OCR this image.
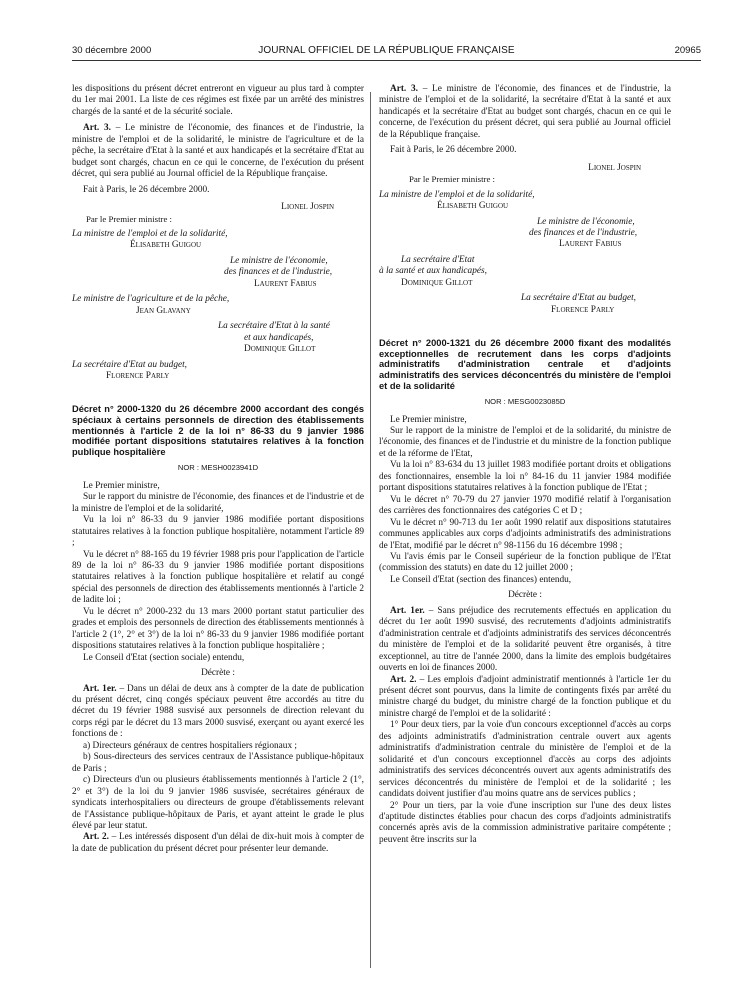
30 décembre 2000	JOURNAL OFFICIEL DE LA RÉPUBLIQUE FRANÇAISE	20965

les dispositions du présent décret entreront en vigueur au plus tard à compter du 1er mai 2001. La liste de ces régimes est fixée par un arrêté des ministres chargés de la santé et de la sécurité sociale.

Art. 3. – Le ministre de l'économie, des finances et de l'industrie, la ministre de l'emploi et de la solidarité, le ministre de l'agriculture et de la pêche, la secrétaire d'Etat à la santé et aux handicapés et la secrétaire d'Etat au budget sont chargés, chacun en ce qui le concerne, de l'exécution du présent décret, qui sera publié au Journal officiel de la République française.

Fait à Paris, le 26 décembre 2000.

Lionel Jospin
Par le Premier ministre :
La ministre de l'emploi et de la solidarité,
Élisabeth Guigou
Le ministre de l'économie,
des finances et de l'industrie,
Laurent Fabius
Le ministre de l'agriculture et de la pêche,
Jean Glavany
La secrétaire d'Etat à la santé
et aux handicapés,
Dominique Gillot
La secrétaire d'Etat au budget,
Florence Parly
Décret n° 2000-1320 du 26 décembre 2000 accordant des congés spéciaux à certains personnels de direction des établissements mentionnés à l'article 2 de la loi n° 86-33 du 9 janvier 1986 modifiée portant dispositions statutaires relatives à la fonction publique hospitalière
NOR : MESH0023941D

Le Premier ministre,

Sur le rapport du ministre de l'économie, des finances et de l'industrie et de la ministre de l'emploi et de la solidarité,

Vu la loi n° 86-33 du 9 janvier 1986 modifiée portant dispositions statutaires relatives à la fonction publique hospitalière, notamment l'article 89 ;

Vu le décret n° 88-165 du 19 février 1988 pris pour l'application de l'article 89 de la loi n° 86-33 du 9 janvier 1986 modifiée portant dispositions statutaires relatives à la fonction publique hospitalière et relatif au congé spécial des personnels de direction des établissements mentionnés à l'article 2 de ladite loi ;

Vu le décret n° 2000-232 du 13 mars 2000 portant statut particulier des grades et emplois des personnels de direction des établissements mentionnés à l'article 2 (1°, 2° et 3°) de la loi n° 86-33 du 9 janvier 1986 modifiée portant dispositions statutaires relatives à la fonction publique hospitalière ;

Le Conseil d'Etat (section sociale) entendu,

Décrète :

Art. 1er. – Dans un délai de deux ans à compter de la date de publication du présent décret, cinq congés spéciaux peuvent être accordés au titre du décret du 19 février 1988 susvisé aux personnels de direction relevant du corps régi par le décret du 13 mars 2000 susvisé, exerçant ou ayant exercé les fonctions de :

a) Directeurs généraux de centres hospitaliers régionaux ;

b) Sous-directeurs des services centraux de l'Assistance publique-hôpitaux de Paris ;

c) Directeurs d'un ou plusieurs établissements mentionnés à l'article 2 (1°, 2° et 3°) de la loi du 9 janvier 1986 susvisée, secrétaires généraux de syndicats interhospitaliers ou directeurs de groupe d'établissements relevant de l'Assistance publique-hôpitaux de Paris, et ayant atteint le grade le plus élevé par leur statut.

Art. 2. – Les intéressés disposent d'un délai de dix-huit mois à compter de la date de publication du présent décret pour présenter leur demande.

Art. 3. – Le ministre de l'économie, des finances et de l'industrie, la ministre de l'emploi et de la solidarité, la secrétaire d'Etat à la santé et aux handicapés et la secrétaire d'Etat au budget sont chargés, chacun en ce qui le concerne, de l'exécution du présent décret, qui sera publié au Journal officiel de la République française.

Fait à Paris, le 26 décembre 2000.

Lionel Jospin
Par le Premier ministre :
La ministre de l'emploi et de la solidarité,
Élisabeth Guigou
Le ministre de l'économie,
des finances et de l'industrie,
Laurent Fabius
La secrétaire d'Etat
à la santé et aux handicapés,
Dominique Gillot
La secrétaire d'Etat au budget,
Florence Parly
Décret n° 2000-1321 du 26 décembre 2000 fixant des modalités exceptionnelles de recrutement dans les corps d'adjoints administratifs d'administration centrale et d'adjoints administratifs des services déconcentrés du ministère de l'emploi et de la solidarité
NOR : MESG0023085D

Le Premier ministre,

Sur le rapport de la ministre de l'emploi et de la solidarité, du ministre de l'économie, des finances et de l'industrie et du ministre de la fonction publique et de la réforme de l'Etat,

Vu la loi n° 83-634 du 13 juillet 1983 modifiée portant droits et obligations des fonctionnaires, ensemble la loi n° 84-16 du 11 janvier 1984 modifiée portant dispositions statutaires relatives à la fonction publique de l'Etat ;

Vu le décret n° 70-79 du 27 janvier 1970 modifié relatif à l'organisation des carrières des fonctionnaires des catégories C et D ;

Vu le décret n° 90-713 du 1er août 1990 relatif aux dispositions statutaires communes applicables aux corps d'adjoints administratifs des administrations de l'Etat, modifié par le décret n° 98-1156 du 16 décembre 1998 ;

Vu l'avis émis par le Conseil supérieur de la fonction publique de l'Etat (commission des statuts) en date du 12 juillet 2000 ;

Le Conseil d'Etat (section des finances) entendu,

Décrète :

Art. 1er. – Sans préjudice des recrutements effectués en application du décret du 1er août 1990 susvisé, des recrutements d'adjoints administratifs d'administration centrale et d'adjoints administratifs des services déconcentrés du ministère de l'emploi et de la solidarité peuvent être organisés, à titre exceptionnel, au titre de l'année 2000, dans la limite des emplois budgétaires ouverts en loi de finances 2000.

Art. 2. – Les emplois d'adjoint administratif mentionnés à l'article 1er du présent décret sont pourvus, dans la limite de contingents fixés par arrêté du ministre chargé du budget, du ministre chargé de la fonction publique et du ministre chargé de l'emploi et de la solidarité :

1° Pour deux tiers, par la voie d'un concours exceptionnel d'accès au corps des adjoints administratifs d'administration centrale ouvert aux agents administratifs d'administration centrale du ministère de l'emploi et de la solidarité et d'un concours exceptionnel d'accès au corps des adjoints administratifs des services déconcentrés ouvert aux agents administratifs des services déconcentrés du ministère de l'emploi et de la solidarité ; les candidats doivent justifier d'au moins quatre ans de services publics ;

2° Pour un tiers, par la voie d'une inscription sur l'une des deux listes d'aptitude distinctes établies pour chacun des corps d'adjoints administratifs concernés après avis de la commission administrative paritaire compétente ; peuvent être inscrits sur la
